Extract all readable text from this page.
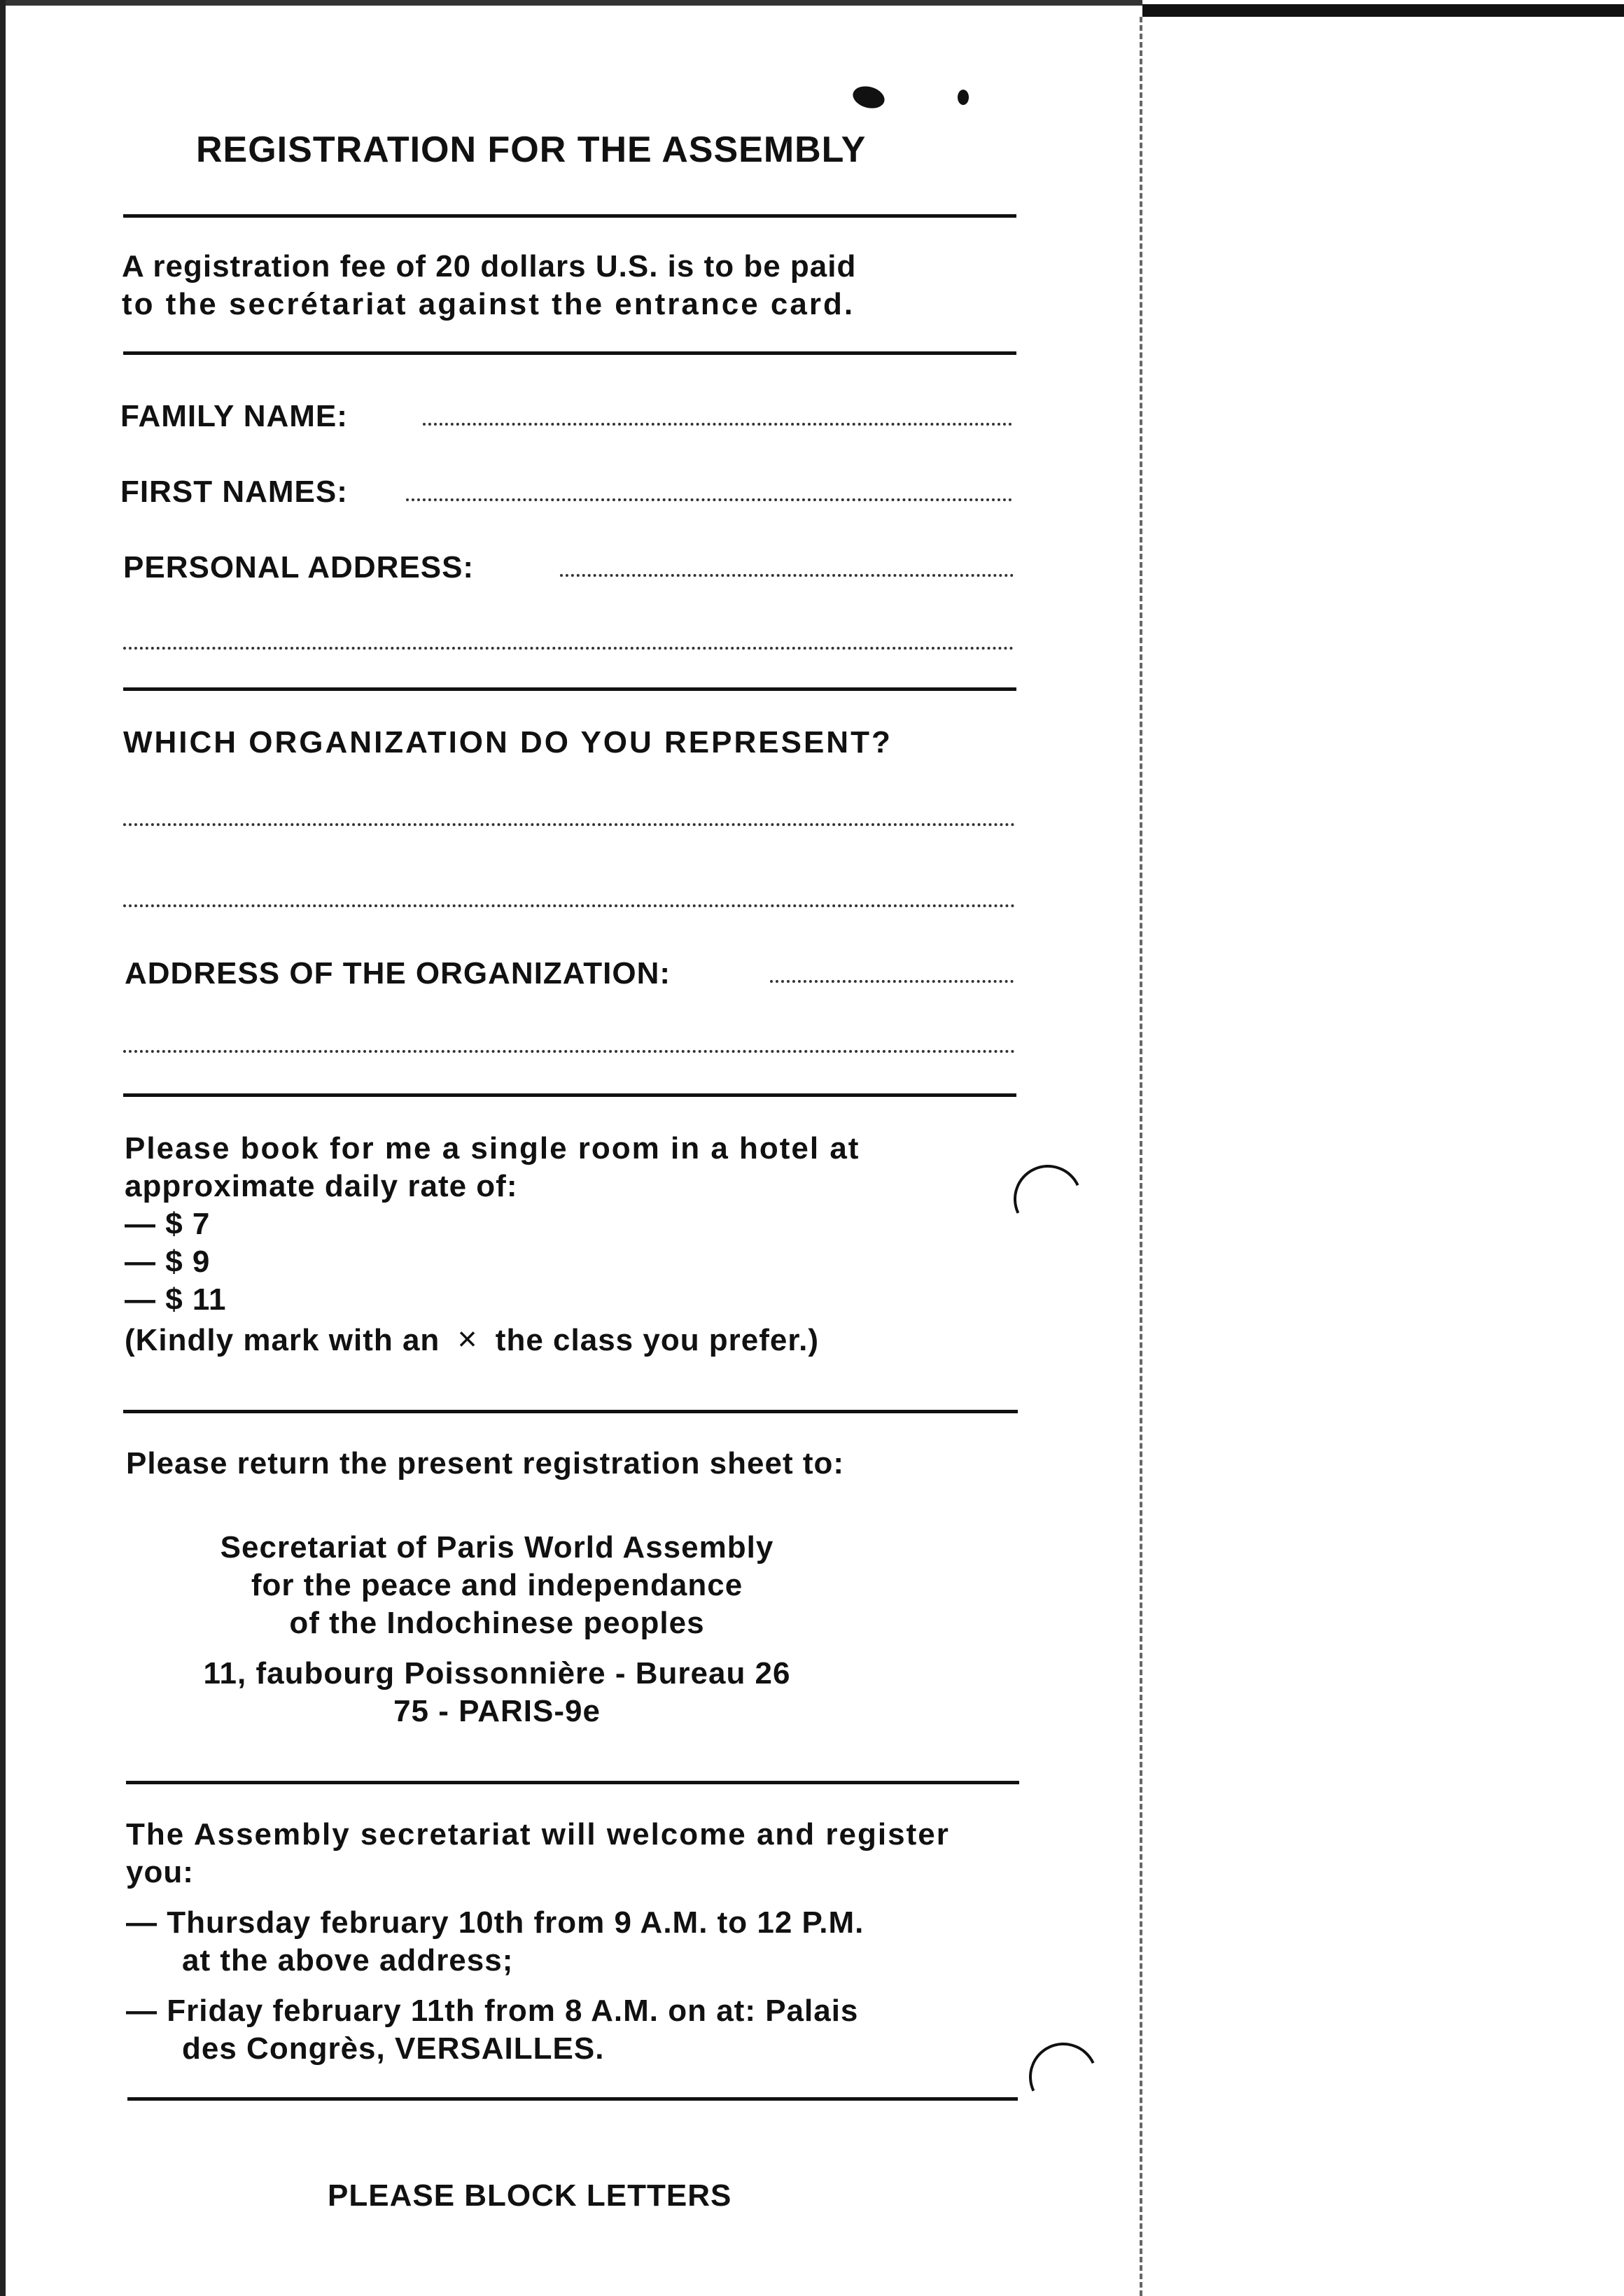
REGISTRATION FOR THE ASSEMBLY
A registration fee of 20 dollars U.S. is to be paid
to the secrétariat against the entrance card.
FAMILY NAME:
FIRST NAMES:
PERSONAL ADDRESS:
WHICH ORGANIZATION DO YOU REPRESENT?
ADDRESS OF THE ORGANIZATION:
Please book for me a single room in a hotel at
approximate daily rate of:
— $ 7
— $ 9
— $ 11
(Kindly mark with an × the class you prefer.)
Please return the present registration sheet to:
Secretariat of Paris World Assembly
for the peace and independance
of the Indochinese peoples
11, faubourg Poissonnière - Bureau 26
75 - PARIS-9e
The Assembly secretariat will welcome and register
you:
— Thursday february 10th from 9 A.M. to 12 P.M.
at the above address;
— Friday february 11th from 8 A.M. on at: Palais
des Congrès, VERSAILLES.
PLEASE BLOCK LETTERS
